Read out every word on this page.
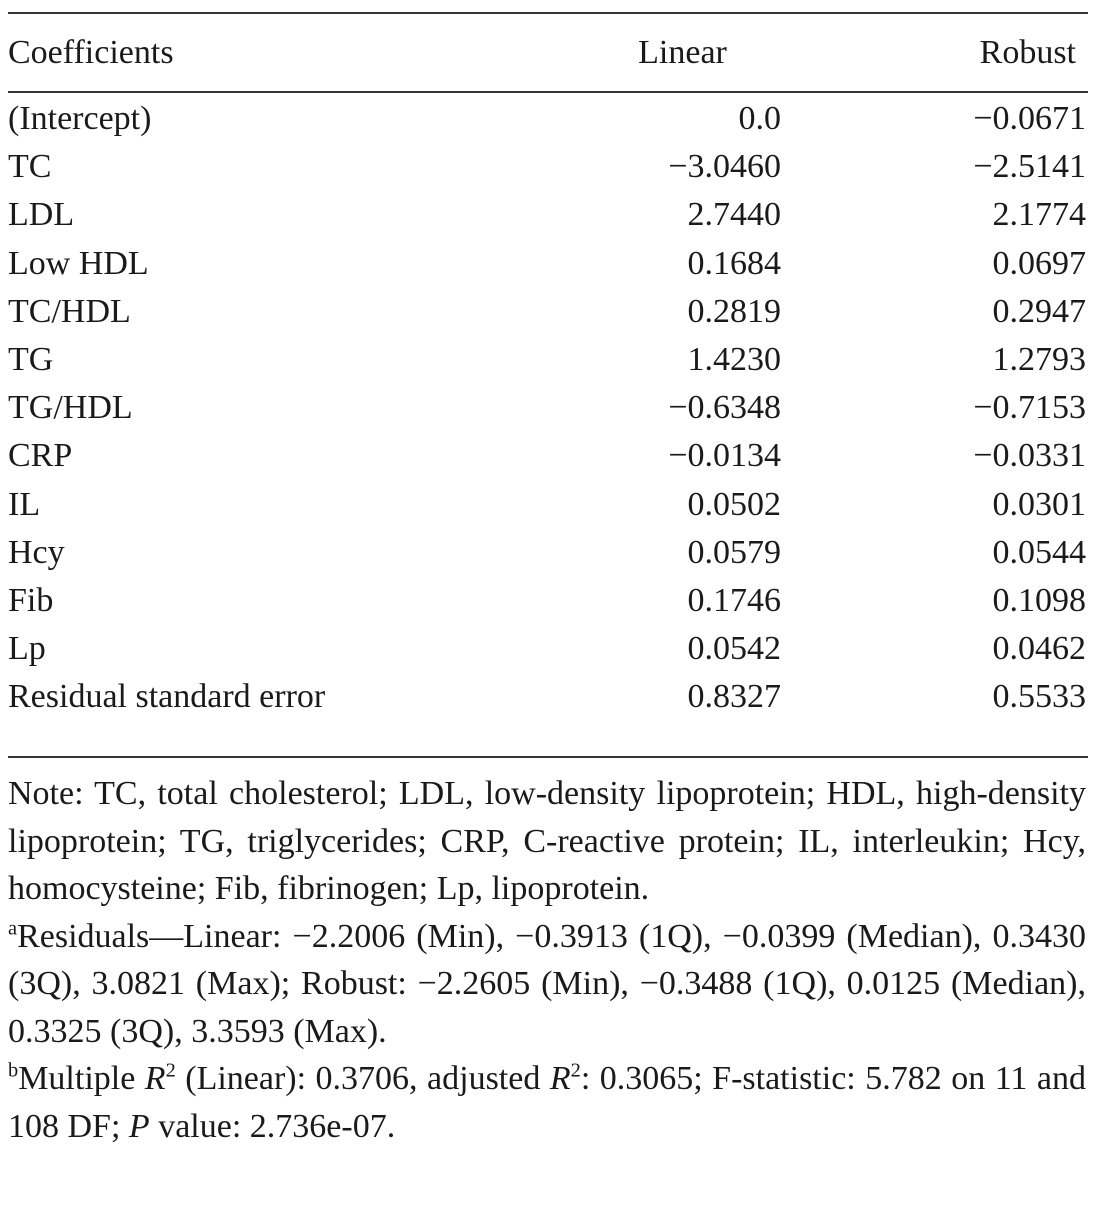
Coefficients	Linear	Robust

(Intercept)	0.0	−0.0671
TC	−3.0460	−2.5141
LDL	2.7440	2.1774
Low HDL	0.1684	0.0697
TC/HDL	0.2819	0.2947
TG	1.4230	1.2793
TG/HDL	−0.6348	−0.7153
CRP	−0.0134	−0.0331
IL	0.0502	0.0301
Hcy	0.0579	0.0544
Fib	0.1746	0.1098
Lp	0.0542	0.0462
Residual standard error	0.8327	0.5533

Note: TC, total cholesterol; LDL, low-density lipoprotein; HDL, high-density lipoprotein; TG, triglycerides; CRP, C-reactive protein; IL, interleukin; Hcy, homocysteine; Fib, fibrinogen; Lp, lipoprotein.

$^a$Residuals—Linear: −2.2006 (Min), −0.3913 (1Q), −0.0399 (Median), 0.3430 (3Q), 3.0821 (Max); Robust: −2.2605 (Min), −0.3488 (1Q), 0.0125 (Median), 0.3325 (3Q), 3.3593 (Max).

$^b$Multiple $R^2$ (Linear): 0.3706, adjusted $R^2$: 0.3065; F-statistic: 5.782 on 11 and 108 DF; P value: 2.736e-07.
